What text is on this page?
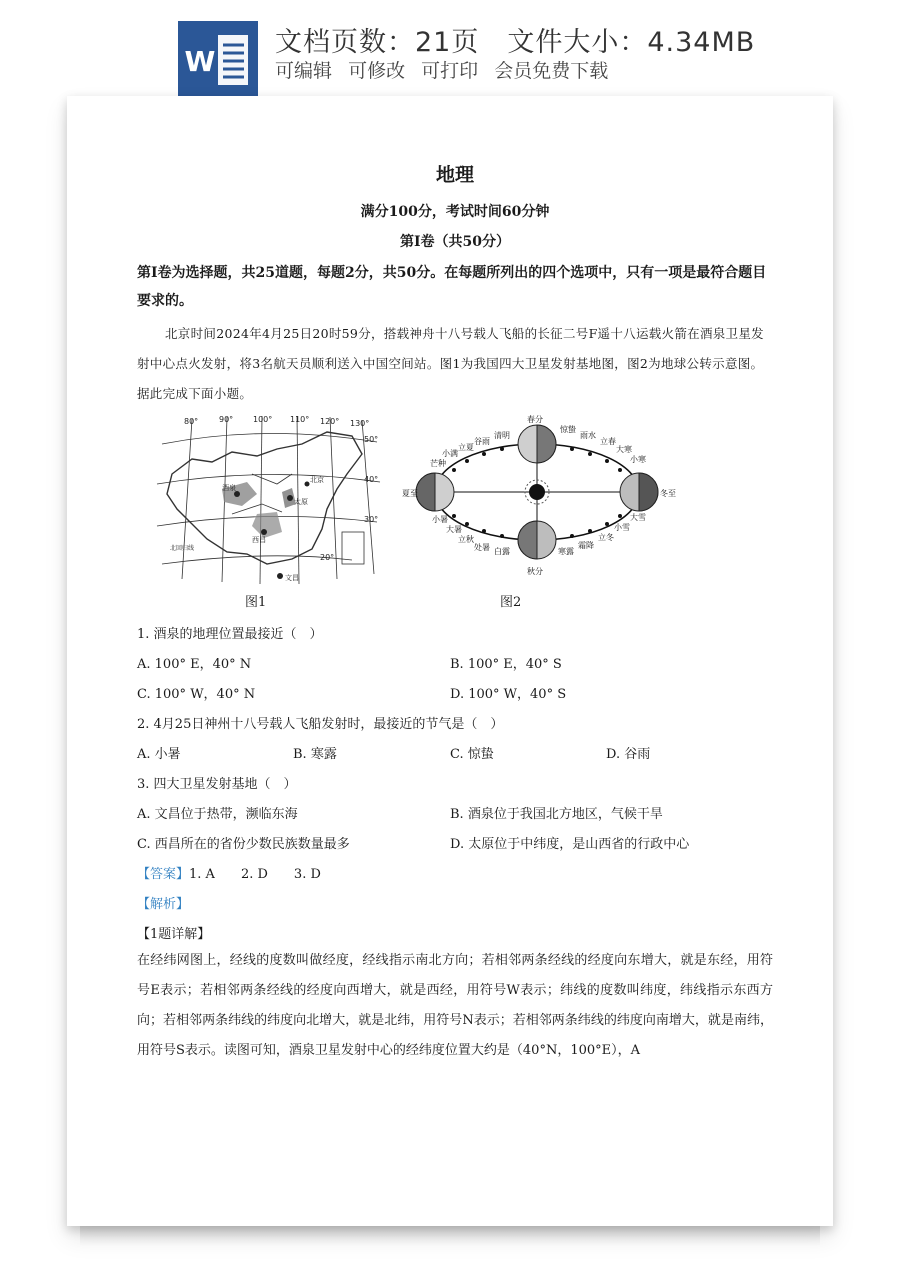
W
文档页数：21页 文件大小：4.34MB
可编辑 可修改 可打印 会员免费下载
地理
满分100分，考试时间60分钟
第Ⅰ卷（共50分）
第Ⅰ卷为选择题，共25道题，每题2分，共50分。在每题所列出的四个选项中，只有一项是最符合题目要求的。
北京时间2024年4月25日20时59分，搭载神舟十八号载人飞船的长征二号F遥十八运载火箭在酒泉卫星发射中心点火发射，将3名航天员顺利送入中国空间站。图1为我国四大卫星发射基地图，图2为地球公转示意图。据此完成下面小题。
80°	90° 100° 110° 120° 130°
50°
40°
30°
20°
酒泉
太原
西昌
文昌
北京
北回归线
春分
清明
谷雨
立夏
小满
芒种
夏至
小暑
大暑
立秋
处暑 白露
秋分
寒露
霜降
立冬
小雪
大雪
冬至
小寒
大寒
立春
雨水
惊蛰
图1	图2
1. 酒泉的地理位置最接近（　）
A. 100° E，40° N	B. 100° E，40° S
C. 100° W，40° N	D. 100° W，40° S
2. 4月25日神州十八号载人飞船发射时，最接近的节气是（　）
A. 小暑	B. 寒露	C. 惊蛰	D. 谷雨
3. 四大卫星发射基地（　）
A. 文昌位于热带，濒临东海	B. 酒泉位于我国北方地区，气候干旱
C. 西昌所在的省份少数民族数量最多	D. 太原位于中纬度，是山西省的行政中心
【答案】1. A 2. D 3. D
【解析】
【1题详解】
在经纬网图上，经线的度数叫做经度，经线指示南北方向；若相邻两条经线的经度向东增大，就是东经，用符号E表示；若相邻两条经线的经度向西增大，就是西经，用符号W表示；纬线的度数叫纬度，纬线指示东西方向；若相邻两条纬线的纬度向北增大，就是北纬，用符号N表示；若相邻两条纬线的纬度向南增大，就是南纬，用符号S表示。读图可知，酒泉卫星发射中心的经纬度位置大约是（40°N，100°E），A
